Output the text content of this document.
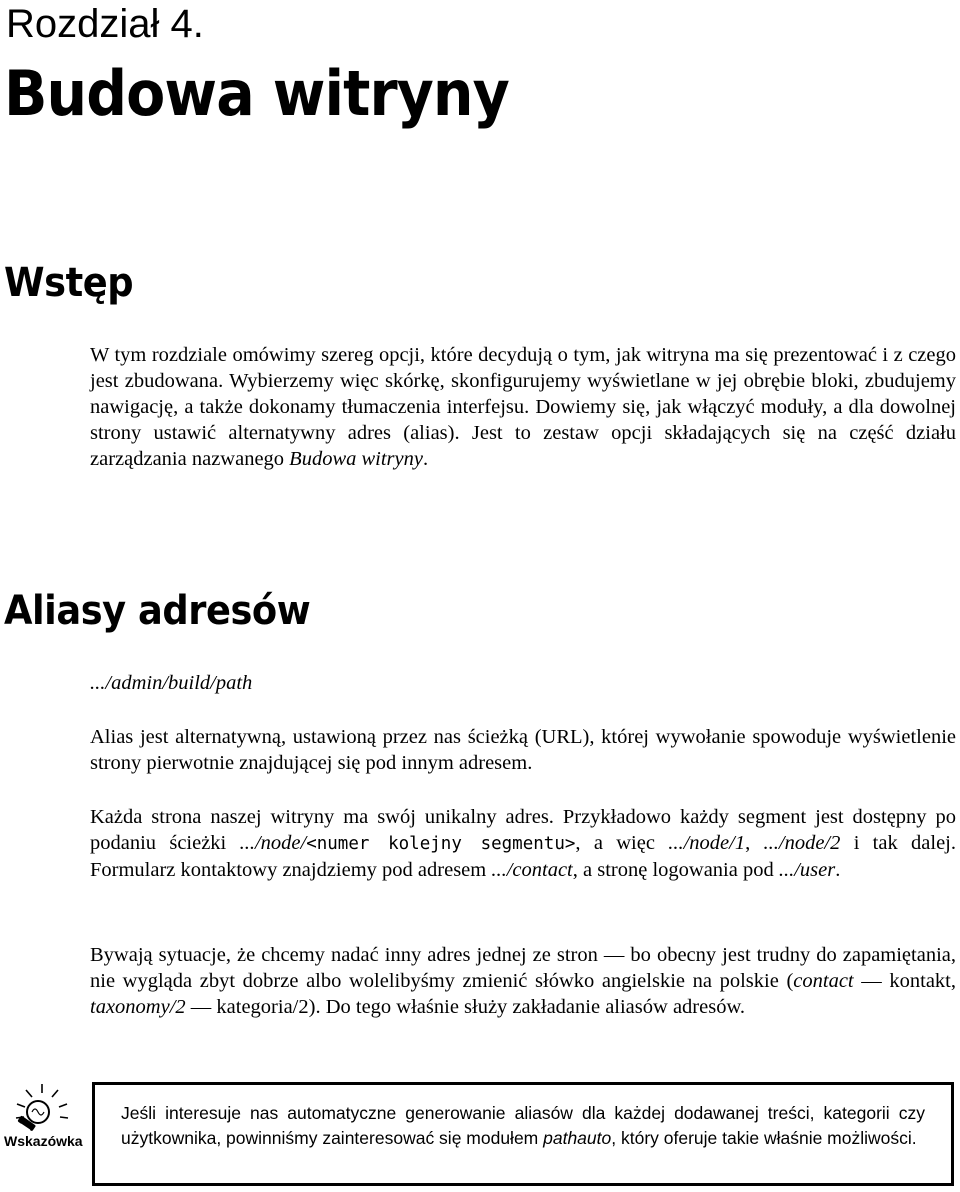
Rozdział 4.
Budowa witryny
Wstęp

W tym rozdziale omówimy szereg opcji, które decydują o tym, jak witryna ma się prezentować i z czego jest zbudowana. Wybierzemy więc skórkę, skonfigurujemy wyświetlane w jej obrębie bloki, zbudujemy nawigację, a także dokonamy tłumaczenia interfejsu. Dowiemy się, jak włączyć moduły, a dla dowolnej strony ustawić alternatywny adres (alias). Jest to zestaw opcji składających się na część działu zarządzania nazwanego Budowa witryny.

Aliasy adresów
.../admin/build/path

Alias jest alternatywną, ustawioną przez nas ścieżką (URL), której wywołanie spowoduje wyświetlenie strony pierwotnie znajdującej się pod innym adresem.

Każda strona naszej witryny ma swój unikalny adres. Przykładowo każdy segment jest dostępny po podaniu ścieżki .../node/<numer kolejny segmentu>, a więc .../node/1, .../node/2 i tak dalej. Formularz kontaktowy znajdziemy pod adresem .../contact, a stronę logowania pod .../user.

Bywają sytuacje, że chcemy nadać inny adres jednej ze stron — bo obecny jest trudny do zapamiętania, nie wygląda zbyt dobrze albo wolelibyśmy zmienić słówko angielskie na polskie (contact — kontakt, taxonomy/2 — kategoria/2). Do tego właśnie służy zakładanie aliasów adresów.

Wskazówka

Jeśli interesuje nas automatyczne generowanie aliasów dla każdej dodawanej treści, kategorii czy użytkownika, powinniśmy zainteresować się modułem pathauto, który oferuje takie właśnie możliwości.
